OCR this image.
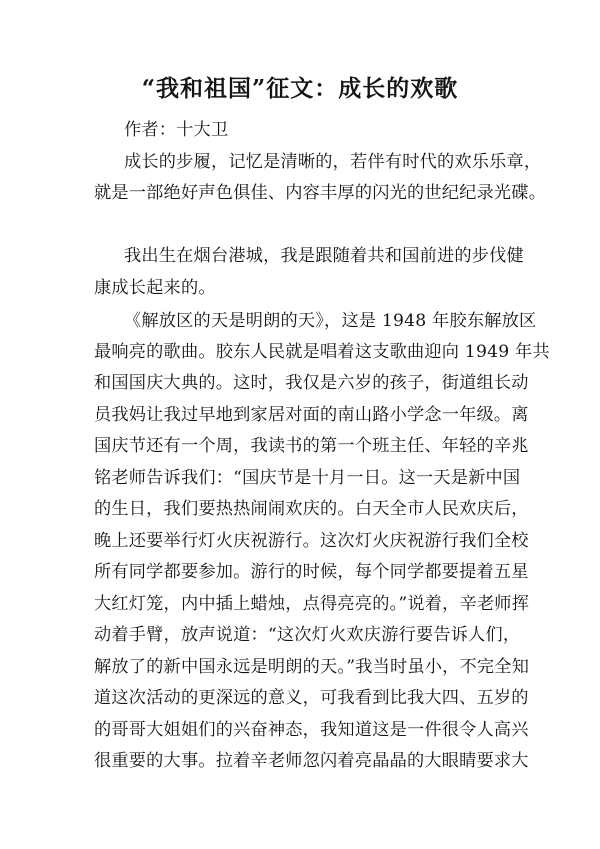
“我和祖国”征文：成长的欢歌
作者：十大卫
成长的步履，记忆是清晰的，若伴有时代的欢乐乐章，
就是一部绝好声色俱佳、内容丰厚的闪光的世纪纪录光碟。
我出生在烟台港城，我是跟随着共和国前进的步伐健
康成长起来的。
《解放区的天是明朗的天》，这是 1948 年胶东解放区
最响亮的歌曲。胶东人民就是唱着这支歌曲迎向 1949 年共
和国国庆大典的。这时，我仅是六岁的孩子，街道组长动
员我妈让我过早地到家居对面的南山路小学念一年级。离
国庆节还有一个周，我读书的第一个班主任、年轻的辛兆
铭老师告诉我们：“国庆节是十月一日。这一天是新中国
的生日，我们要热热闹闹欢庆的。白天全市人民欢庆后，
晚上还要举行灯火庆祝游行。这次灯火庆祝游行我们全校
所有同学都要参加。游行的时候，每个同学都要提着五星
大红灯笼，内中插上蜡烛，点得亮亮的。”说着，辛老师挥
动着手臂，放声说道：“这次灯火欢庆游行要告诉人们，
解放了的新中国永远是明朗的天。”我当时虽小，不完全知
道这次活动的更深远的意义，可我看到比我大四、五岁的
的哥哥大姐姐们的兴奋神态，我知道这是一件很令人高兴
很重要的大事。拉着辛老师忽闪着亮晶晶的大眼睛要求大
